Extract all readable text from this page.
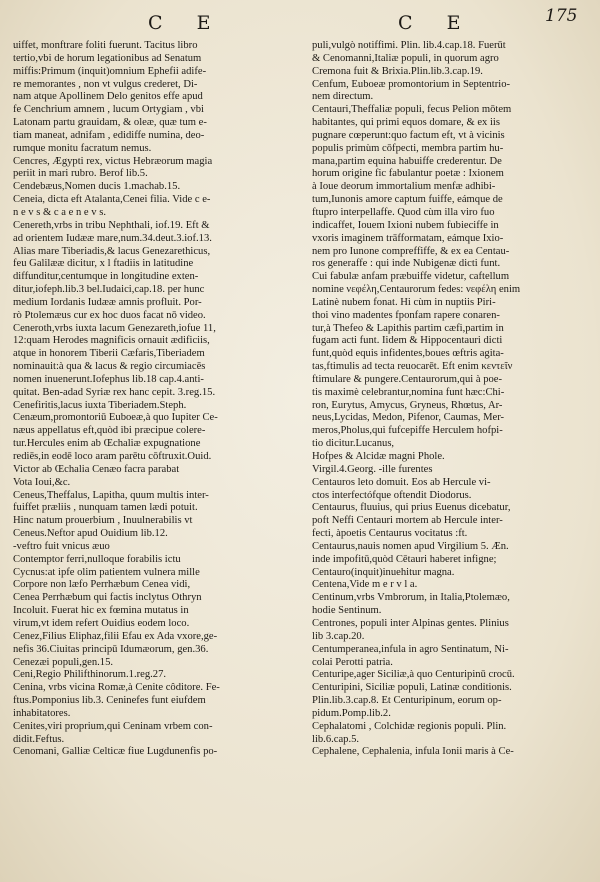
C E	C E	175
uiffet, monftrare foliti fuerunt. Tacitus libro
tertio,vbi de horum legationibus ad Senatum
miffis:Primum (inquit)omnium Ephefii adife-
re memorantes , non vt vulgus crederet, Di-
nam atque Apollinem Delo genitos effe apud
fe Cenchrium amnem , lucum Ortygiam , vbi
Latonam partu grauidam, & oleæ, quæ tum e-
tiam maneat, adnifam , edidiffe numina, deo-
rumque monitu facratum nemus.
Cencres, Ægypti rex, victus Hebræorum magia
periit in mari rubro. Berof lib.5.
Cendebæus,Nomen ducis 1.machab.15.
Ceneia, dicta eft Atalanta,Cenei filia. Vide c e-
n e v s & c a e n e v s.
Cenereth,vrbs in tribu Nephthali, iof.19. Eft &
ad orientem Iudææ mare,num.34.deut.3.iof.13.
Alias mare Tiberiadis,& lacus Genezarethicus,
feu Galilææ dicitur, x l ftadiis in latitudine
diffunditur,centumque in longitudine exten-
ditur,iofeph.lib.3 bel.Iudaici,cap.18. per hunc
medium Iordanis Iudææ amnis profluit. Por-
rò Ptolemæus cur ex hoc duos facat nō video.
Ceneroth,vrbs iuxta lacum Genezareth,iofue 11,
12:quam Herodes magnificis ornauit ædificiis,
atque in honorem Tiberii Cæfaris,Tiberiadem
nominauit:à qua & lacus & regio circumiacēs
nomen inuenerunt.Iofephus lib.18 cap.4.anti-
quitat. Ben-adad Syriæ rex hanc cepit. 3.reg.15.
Cenefiritis,lacus iuxta Tiberiadem.Steph.
Cenæum,promontoriū Euboeæ,à quo Iupiter Ce-
næus appellatus eft,quòd ibi præcipue colere-
tur.Hercules enim ab Œchaliæ expugnatione
rediēs,in eodē loco aram parētu cōftruxit.Ouid.
Victor ab Œchalia Cenæo facra parabat
Vota Ioui,&c.
Ceneus,Theffalus, Lapitha, quum multis inter-
fuiffet præliis , nunquam tamen lædi potuit.
Hinc natum prouerbium , Inuulnerabilis vt
Ceneus.Neftor apud Ouidium lib.12.
-veftro fuit vnicus æuo
Contemptor ferri,nulloque forabilis ictu
Cycnus:at ipfe olim patientem vulnera mille
Corpore non læfo Perrhæbum Cenea vidi,
Cenea Perrhæbum qui factis inclytus Othryn
Incoluit. Fuerat hic ex fœmina mutatus in
virum,vt idem refert Ouidius eodem loco.
Cenez,Filius Eliphaz,filii Efau ex Ada vxore,ge-
nefis 36.Ciuitas principū Idumæorum, gen.36.
Cenezæi populi,gen.15.
Ceni,Regio Philifthinorum.1.reg.27.
Cenina, vrbs vicina Romæ,à Cenite côditore. Fe-
ftus.Pomponius lib.3. Ceninefes funt eiufdem
inhabitatores.
Cenites,viri proprium,qui Ceninam vrbem con-
didit.Feftus.
Cenomani, Galliæ Celticæ fiue Lugdunenfis po-
puli,vulgò notiffimi. Plin. lib.4.cap.18. Fuerūt
& Cenomanni,Italiæ populi, in quorum agro
Cremona fuit & Brixia.Plin.lib.3.cap.19.
Cenfum, Euboeæ promontorium in Septentrio-
nem directum.
Centauri,Theffaliæ populi, fecus Pelion mōtem
habitantes, qui primi equos domare, & ex iis
pugnare cœperunt:quo factum eft, vt à vicinis
populis primùm cōfpecti, membra partim hu-
mana,partim equina habuiffe crederentur. De
horum origine fic fabulantur poetæ : Ixionem
à Ioue deorum immortalium menfæ adhibi-
tum,Iunonis amore captum fuiffe, eámque de
ftupro interpellaffe. Quod cùm illa viro fuo
indicaffet, Iouem Ixioni nubem fubieciffe in
vxoris imaginem trāfformatam, eámque Ixio-
nem pro Iunone compreffiffe, & ex ea Centau-
ros generaffe : qui inde Nubigenæ dicti funt.
Cui fabulæ anfam præbuiffe videtur, caftellum
nomine νεφέλη,Centaurorum fedes: νεφέλη enim
Latinè nubem fonat. Hi cùm in nuptiis Piri-
thoi vino madentes fponfam rapere conaren-
tur,à Thefeo & Lapithis partim cæfi,partim in
fugam acti funt. Iidem & Hippocentauri dicti
funt,quòd equis infidentes,boues œftris agita-
tas,ftimulis ad tecta reuocarēt. Eft enim κεντεῖν
ftimulare & pungere.Centaurorum,qui à poe-
tis maximè celebrantur,nomina funt hæc:Chi-
ron, Eurytus, Amycus, Gryneus, Rhœtus, Ar-
neus,Lycidas, Medon, Pifenor, Caumas, Mer-
meros,Pholus,qui fufcepiffe Herculem hofpi-
tio dicitur.Lucanus,
Hofpes & Alcidæ magni Phole.
Virgil.4.Georg. -ille furentes
Centauros leto domuit. Eos ab Hercule vi-
ctos interfectófque oftendit Diodorus.
Centaurus, fluuius, qui prius Euenus dicebatur,
poft Neffi Centauri mortem ab Hercule inter-
fecti, àpoetis Centaurus vocitatus :ft.
Centaurus,nauis nomen apud Virgilium 5. Æn.
inde impofitū,quòd Cētauri haberet infigne;
Centauro(inquit)inuehitur magna.
Centena,Vide m e r v l a.
Centinum,vrbs Vmbrorum, in Italia,Ptolemæo,
hodie Sentinum.
Centrones, populi inter Alpinas gentes. Plinius
lib 3.cap.20.
Centumperanea,infula in agro Sentinatum, Ni-
colai Perotti patria.
Centuripe,ager Siciliæ,à quo Centuripinū crocū.
Centuripini, Siciliæ populi, Latinæ conditionis.
Plin.lib.3.cap.8. Et Centuripinum, eorum op-
pidum.Pomp.lib.2.
Cephalatomi , Colchidæ regionis populi. Plin.
lib.6.cap.5.
Cephalene, Cephalenia, infula Ionii maris à Ce-
